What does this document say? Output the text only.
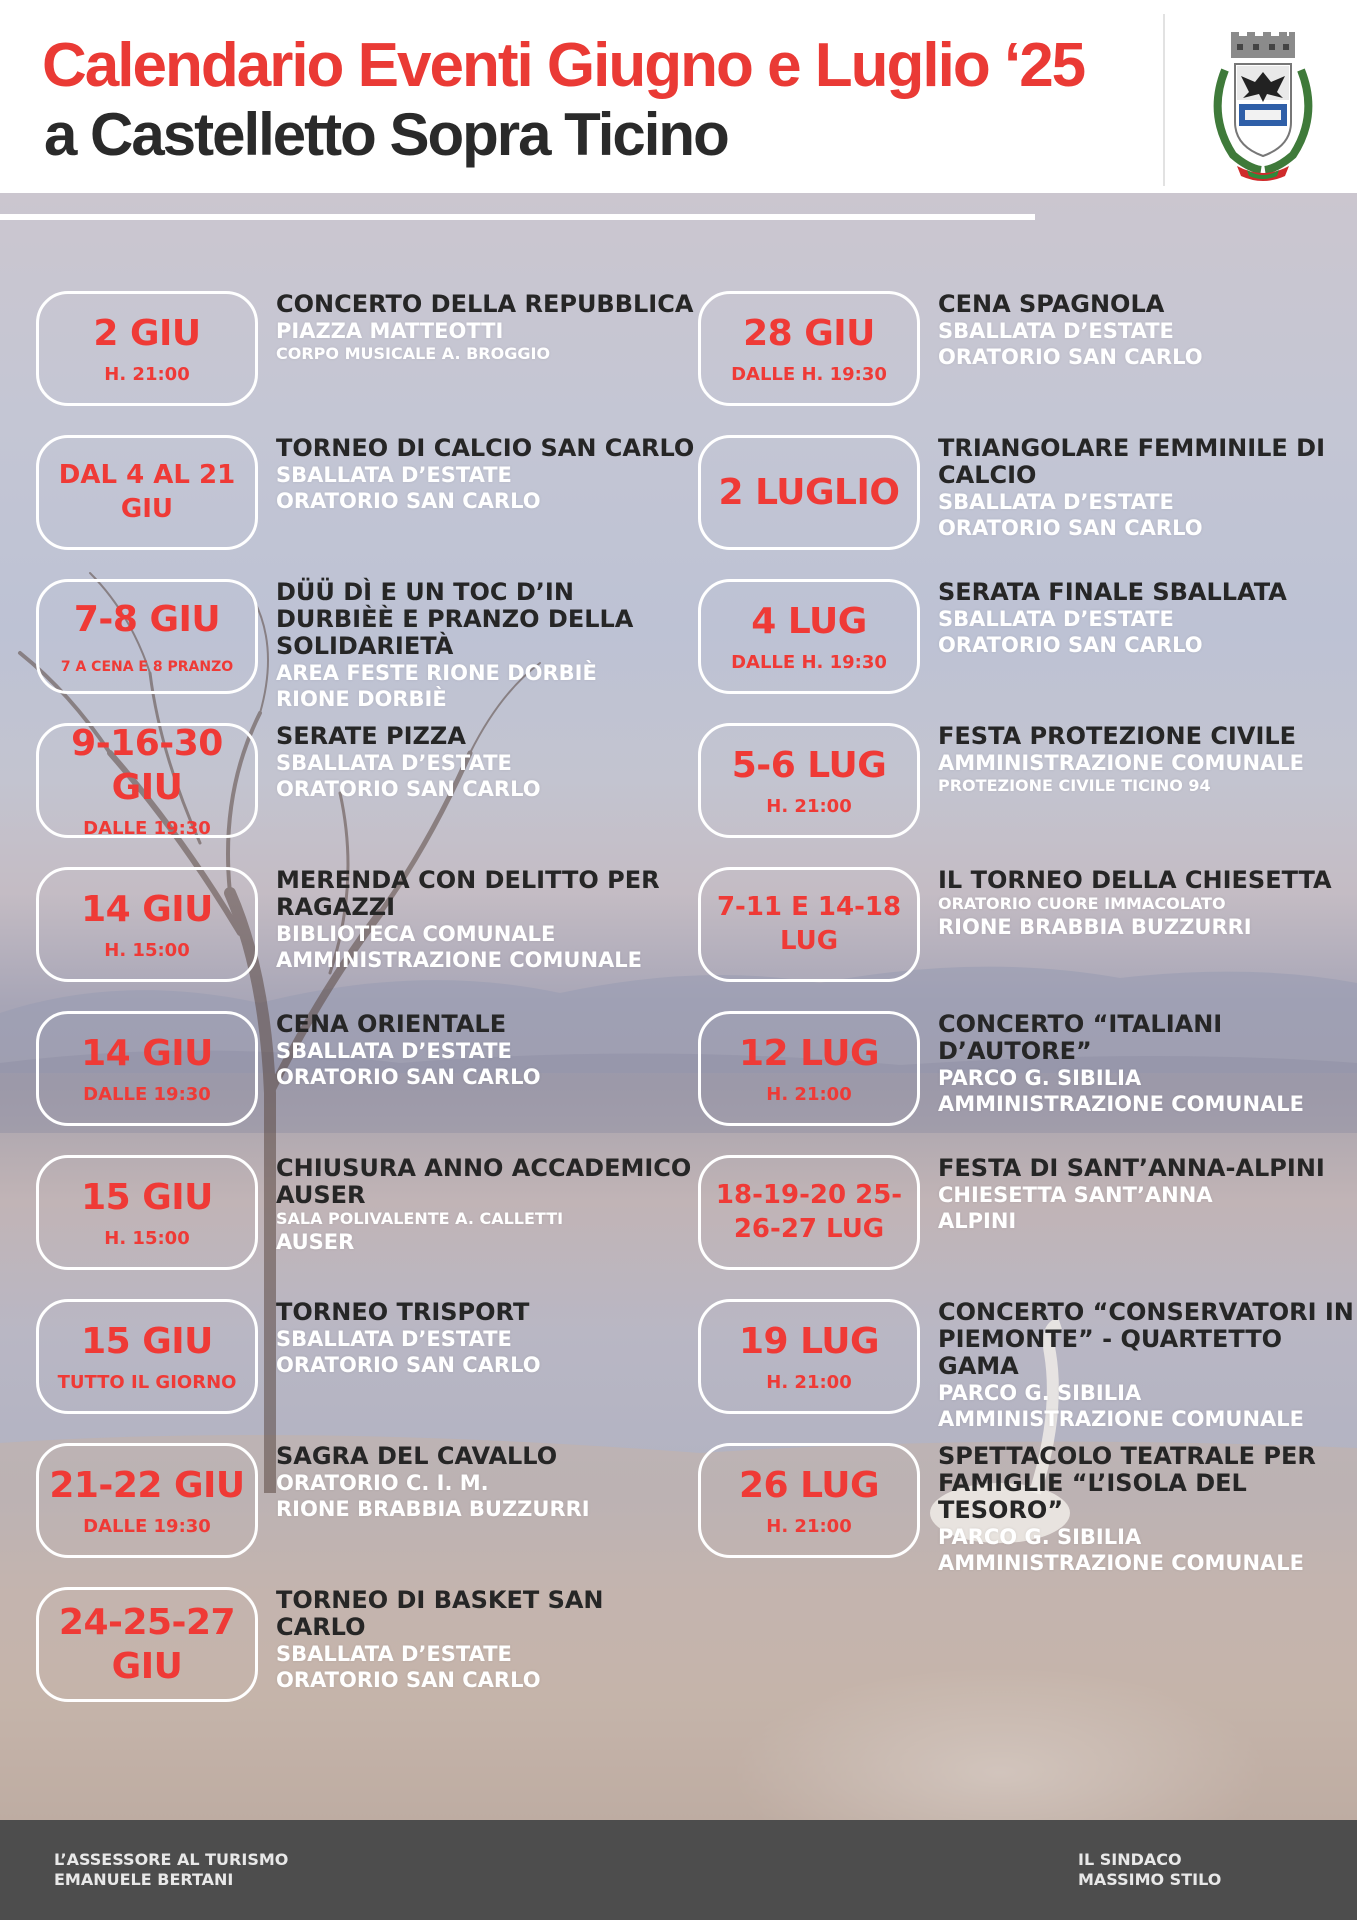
Calendario Eventi Giugno e Luglio ‘25
a Castelletto Sopra Ticino
2 GIU
H. 21:00
CONCERTO DELLA REPUBBLICA
PIAZZA MATTEOTTI
CORPO MUSICALE A. BROGGIO
DAL 4 AL 21 GIU
TORNEO DI CALCIO SAN CARLO
SBALLATA D’ESTATE
ORATORIO SAN CARLO
7-8 GIU
7 A CENA E 8 PRANZO
DÜÜ DÌ E UN TOC D’IN DURBIÈÈ E PRANZO DELLA SOLIDARIETÀ
AREA FESTE RIONE DORBIÈ
RIONE DORBIÈ
9-16-30 GIU
DALLE 19:30
SERATE PIZZA
SBALLATA D’ESTATE
ORATORIO SAN CARLO
14 GIU
H. 15:00
MERENDA CON DELITTO PER RAGAZZI
BIBLIOTECA COMUNALE
AMMINISTRAZIONE COMUNALE
14 GIU
DALLE 19:30
CENA ORIENTALE
SBALLATA D’ESTATE
ORATORIO SAN CARLO
15 GIU
H. 15:00
CHIUSURA ANNO ACCADEMICO AUSER
SALA POLIVALENTE A. CALLETTI
AUSER
15 GIU
TUTTO IL GIORNO
TORNEO TRISPORT
SBALLATA D’ESTATE
ORATORIO SAN CARLO
21-22 GIU
DALLE 19:30
SAGRA DEL CAVALLO
ORATORIO C. I. M.
RIONE BRABBIA BUZZURRI
24-25-27 GIU
TORNEO DI BASKET SAN CARLO
SBALLATA D’ESTATE
ORATORIO SAN CARLO
28 GIU
DALLE H. 19:30
CENA SPAGNOLA
SBALLATA D’ESTATE
ORATORIO SAN CARLO
2 LUGLIO
TRIANGOLARE FEMMINILE DI CALCIO
SBALLATA D’ESTATE
ORATORIO SAN CARLO
4 LUG
DALLE H. 19:30
SERATA FINALE SBALLATA
SBALLATA D’ESTATE
ORATORIO SAN CARLO
5-6 LUG
H. 21:00
FESTA PROTEZIONE CIVILE
AMMINISTRAZIONE COMUNALE
PROTEZIONE CIVILE TICINO 94
7-11 E 14-18 LUG
IL TORNEO DELLA CHIESETTA
ORATORIO CUORE IMMACOLATO
RIONE BRABBIA BUZZURRI
12 LUG
H. 21:00
CONCERTO “ITALIANI D’AUTORE”
PARCO G. SIBILIA
AMMINISTRAZIONE COMUNALE
18-19-20 25-26-27 LUG
FESTA DI SANT’ANNA-ALPINI
CHIESETTA SANT’ANNA
ALPINI
19 LUG
H. 21:00
CONCERTO “CONSERVATORI IN PIEMONTE” - QUARTETTO GAMA
PARCO G. SIBILIA
AMMINISTRAZIONE COMUNALE
26 LUG
H. 21:00
SPETTACOLO TEATRALE PER FAMIGLIE “L’ISOLA DEL TESORO”
PARCO G. SIBILIA
AMMINISTRAZIONE COMUNALE
L’ASSESSORE AL TURISMO
EMANUELE BERTANI
IL SINDACO
MASSIMO STILO
